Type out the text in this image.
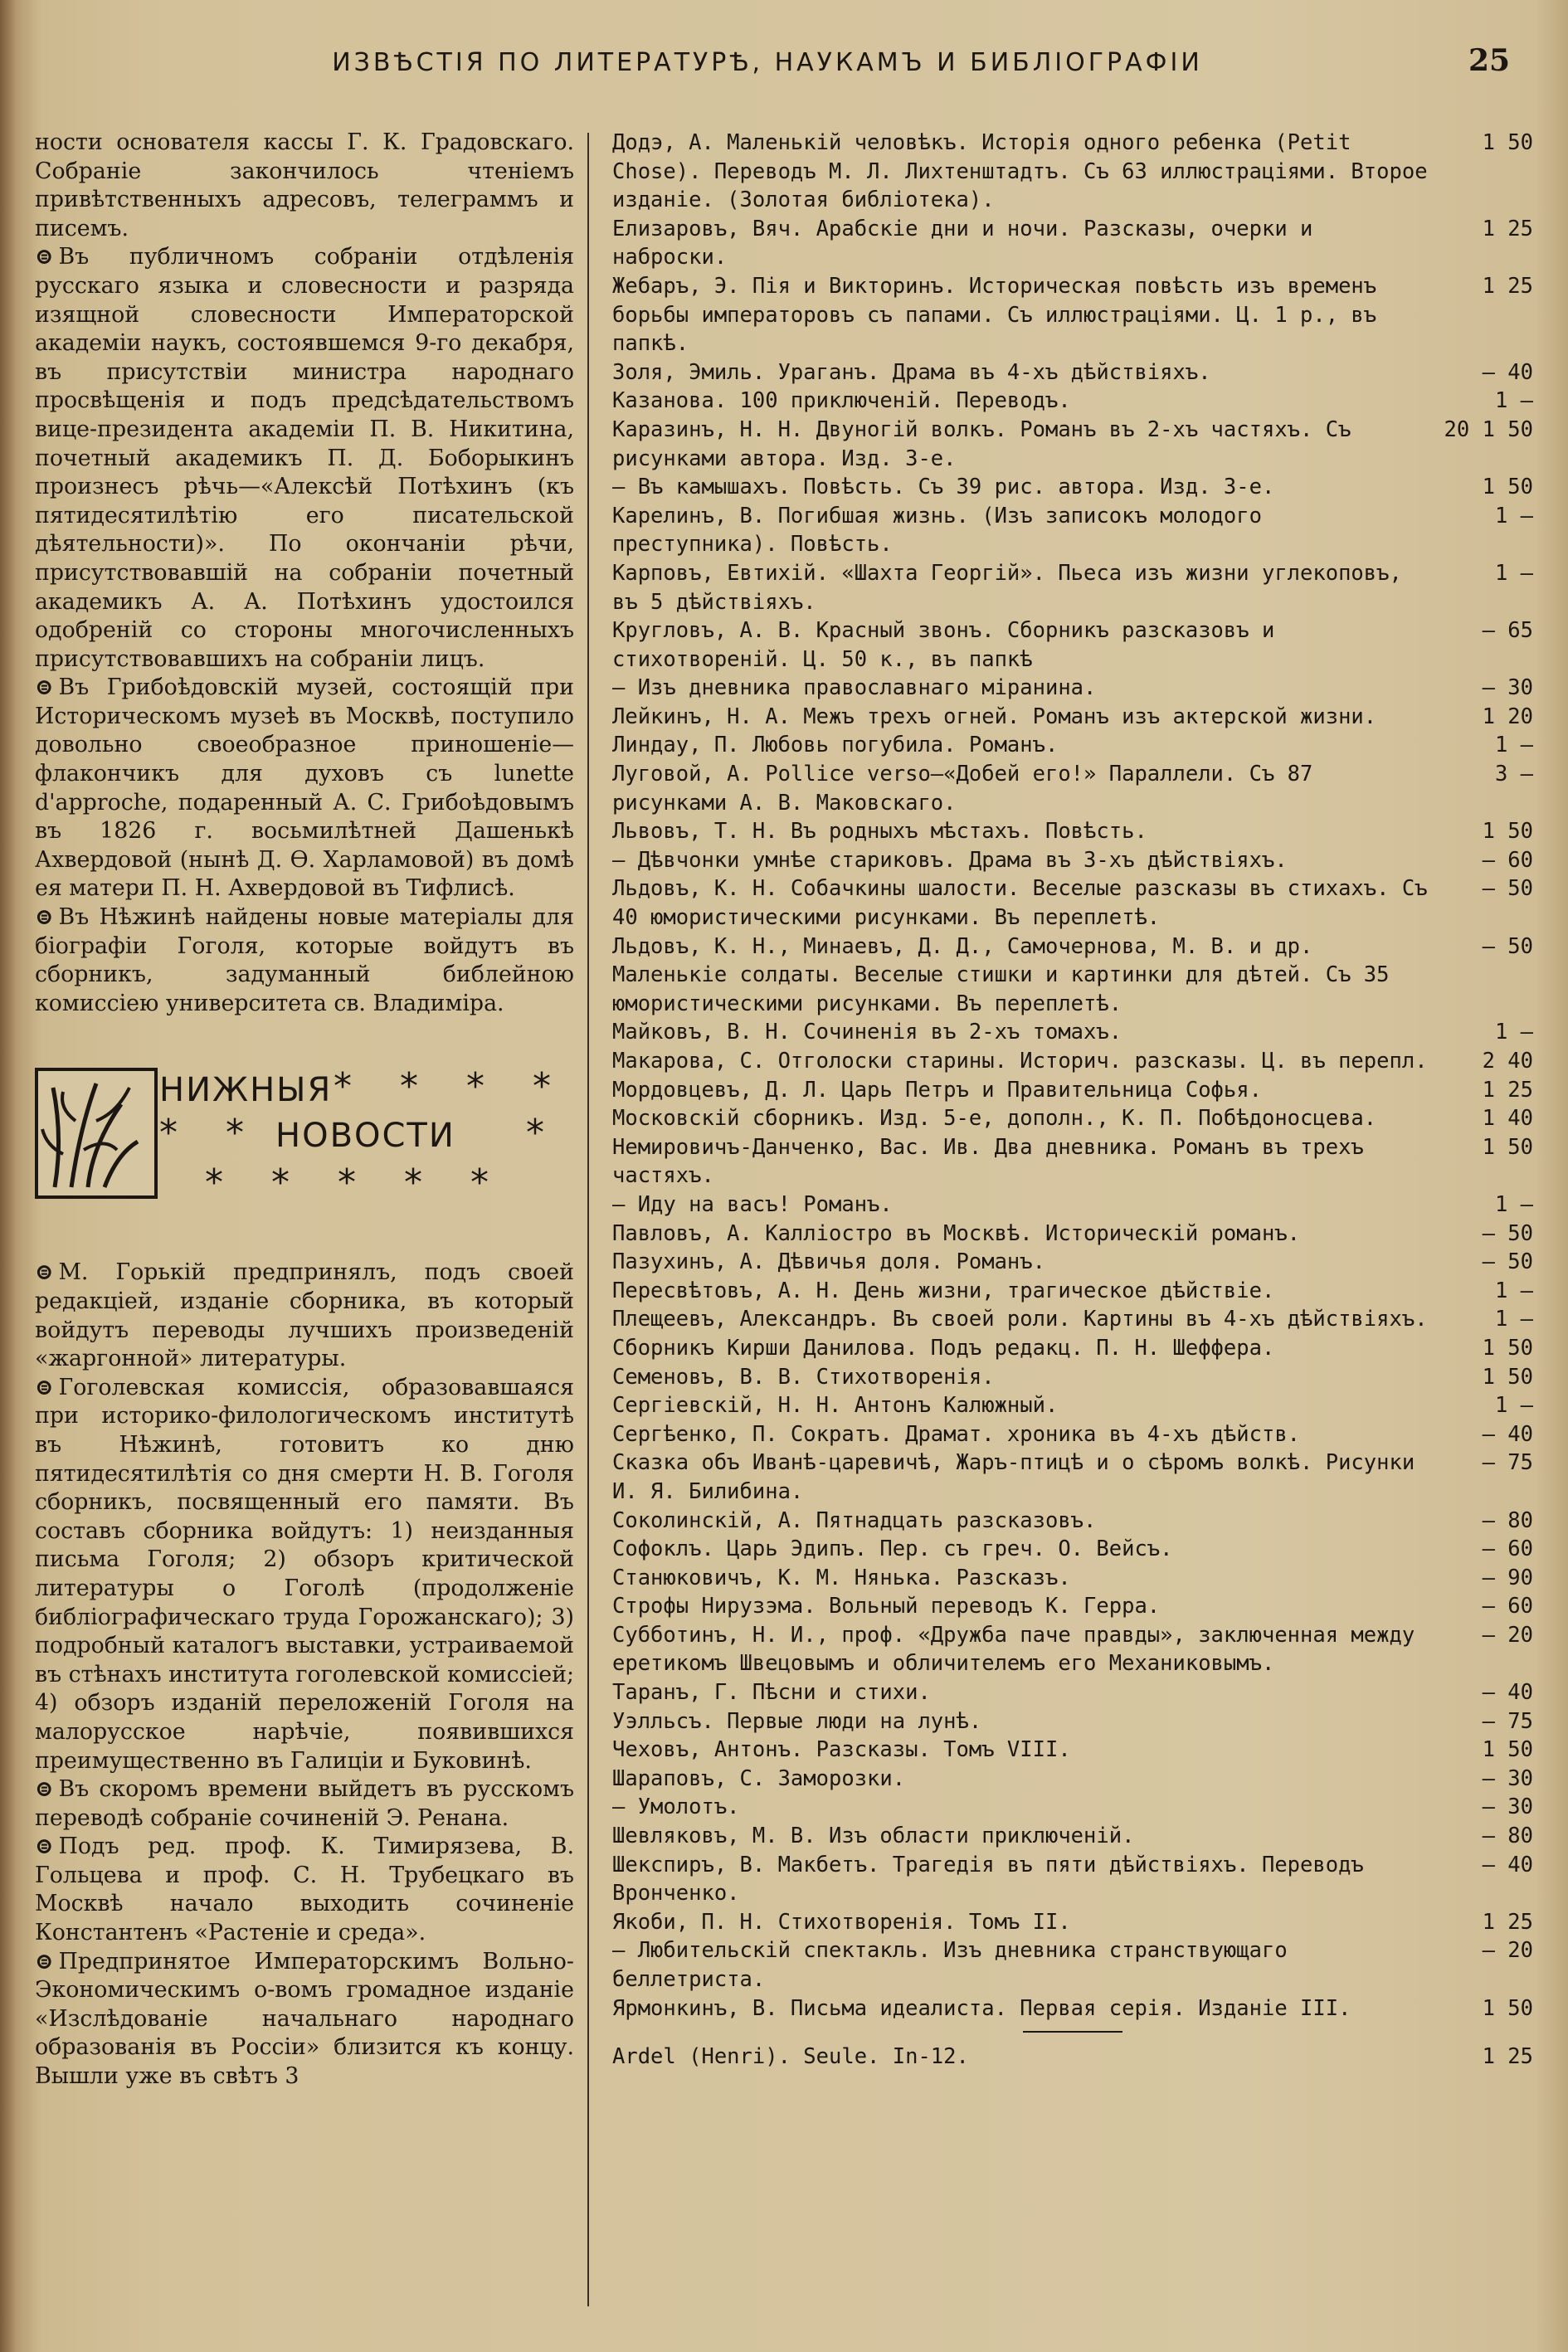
ИЗВѢСТІЯ ПО ЛИТЕРАТУРѢ, НАУКАМЪ И БИБЛІОГРАФІИ	25
ности основателя кассы Г. К. Градовскаго. Собраніе закончилось чтеніемъ привѣтственныхъ адресовъ, телеграммъ и писемъ.
⊜ Въ публичномъ собраніи отдѣленія русскаго языка и словесности и разряда изящной словесности Императорской академіи наукъ, состоявшемся 9-го декабря, въ присутствіи министра народнаго просвѣщенія и подъ предсѣдательствомъ вице-президента академіи П. В. Никитина, почетный академикъ П. Д. Боборыкинъ произнесъ рѣчь—«Алексѣй Потѣхинъ (къ пятидесятилѣтію его писательской дѣятельности)». По окончаніи рѣчи, присутствовавшій на собраніи почетный академикъ А. А. Потѣхинъ удостоился одобреній со стороны многочисленныхъ присутствовавшихъ на собраніи лицъ.
⊜ Въ Грибоѣдовскій музей, состоящій при Историческомъ музеѣ въ Москвѣ, поступило довольно своеобразное приношеніе—флакончикъ для духовъ съ lunette d'approche, подаренный А. С. Грибоѣдовымъ въ 1826 г. восьмилѣтней Дашенькѣ Ахвердовой (нынѣ Д. Ѳ. Харламовой) въ домѣ ея матери П. Н. Ахвердовой въ Тифлисѣ.
⊜ Въ Нѣжинѣ найдены новые матеріалы для біографіи Гоголя, которые войдутъ въ сборникъ, задуманный библейною комиссіею университета св. Владиміра.
НИЖНЫЯ * * * *
* * НОВОСТИ *
* * * * *
⊜ М. Горькій предпринялъ, подъ своей редакціей, изданіе сборника, въ который войдутъ переводы лучшихъ произведеній «жаргонной» литературы.
⊜ Гоголевская комиссія, образовавшаяся при историко-филологическомъ институтѣ въ Нѣжинѣ, готовитъ ко дню пятидесятилѣтія со дня смерти Н. В. Гоголя сборникъ, посвященный его памяти. Въ составъ сборника войдутъ: 1) неизданныя письма Гоголя; 2) обзоръ критической литературы о Гоголѣ (продолженіе библіографическаго труда Горожанскаго); 3) подробный каталогъ выставки, устраиваемой въ стѣнахъ института гоголевской комиссіей; 4) обзоръ изданій переложеній Гоголя на малорусское нарѣчіе, появившихся преимущественно въ Галиціи и Буковинѣ.
⊜ Въ скоромъ времени выйдетъ въ русскомъ переводѣ собраніе сочиненій Э. Ренана.
⊜ Подъ ред. проф. К. Тимирязева, В. Гольцева и проф. С. Н. Трубецкаго въ Москвѣ начало выходить сочиненіе Константенъ «Растеніе и среда».
⊜ Предпринятое Императорскимъ Вольно-Экономическимъ о-вомъ громадное изданіе «Изслѣдованіе начальнаго народнаго образованія въ Россіи» близится къ концу. Вышли уже въ свѣтъ 3
Додэ, А. Маленькій человѣкъ. Исторія одного ребенка (Petit Chose). Переводъ М. Л. Лихтенштадтъ. Съ 63 иллюстраціями. Второе изданіе. (Золотая библіотека).
1 50
Елизаровъ, Вяч. Арабскіе дни и ночи. Разсказы, очерки и наброски.
1 25
Жебаръ, Э. Пія и Викторинъ. Историческая повѣсть изъ временъ борьбы императоровъ съ папами. Съ иллюстраціями. Ц. 1 р., въ папкѣ.
1 25
Золя, Эмиль. Ураганъ. Драма въ 4-хъ дѣйствіяхъ.	— 40
Казанова. 100 приключеній. Переводъ.	1 —
Каразинъ, Н. Н. Двуногій волкъ. Романъ въ 2-хъ частяхъ. Съ рисунками автора. Изд. 3-е.
20 1 50
— Въ камышахъ. Повѣсть. Съ 39 рис. автора. Изд. 3-е.	1 50
Карелинъ, В. Погибшая жизнь. (Изъ записокъ молодого преступника). Повѣсть.
1 —
Карповъ, Евтихій. «Шахта Георгій». Пьеса изъ жизни углекоповъ, въ 5 дѣйствіяхъ.
1 —
Кругловъ, А. В. Красный звонъ. Сборникъ разсказовъ и стихотвореній. Ц. 50 к., въ папкѣ
— 65
— Изъ дневника православнаго міранина.	— 30
Лейкинъ, Н. А. Межъ трехъ огней. Романъ изъ актерской жизни.	1 20
Линдау, П. Любовь погубила. Романъ.	1 —
Луговой, А. Pollice verso—«Добей его!» Параллели. Съ 87 рисунками А. В. Маковскаго.
3 —
Львовъ, Т. Н. Въ родныхъ мѣстахъ. Повѣсть.	1 50
— Дѣвчонки умнѣе стариковъ. Драма въ 3-хъ дѣйствіяхъ.	— 60
Льдовъ, К. Н. Собачкины шалости. Веселые разсказы въ стихахъ. Съ 40 юмористическими рисунками. Въ переплетѣ.
— 50
Льдовъ, К. Н., Минаевъ, Д. Д., Самочернова, М. В. и др. Маленькіе солдаты. Веселые стишки и картинки для дѣтей. Съ 35 юмористическими рисунками. Въ переплетѣ.
— 50
Майковъ, В. Н. Сочиненія въ 2-хъ томахъ.	1 —
Макарова, С. Отголоски старины. Историч. разсказы. Ц. въ перепл.	2 40
Мордовцевъ, Д. Л. Царь Петръ и Правительница Софья.	1 25
Московскій сборникъ. Изд. 5-е, дополн., К. П. Побѣдоносцева.	1 40
Немировичъ-Данченко, Вас. Ив. Два дневника. Романъ въ трехъ частяхъ.
1 50
— Иду на васъ! Романъ.	1 —
Павловъ, А. Калліостро въ Москвѣ. Историческій романъ.	— 50
Пазухинъ, А. Дѣвичья доля. Романъ.	— 50
Пересвѣтовъ, А. Н. День жизни, трагическое дѣйствіе.	1 —
Плещеевъ, Александръ. Въ своей роли. Картины въ 4-хъ дѣйствіяхъ.	1 —
Сборникъ Кирши Данилова. Подъ редакц. П. Н. Шеффера.	1 50
Семеновъ, В. В. Стихотворенія.	1 50
Сергіевскій, Н. Н. Антонъ Калюжный.	1 —
Сергѣенко, П. Сократъ. Драмат. хроника въ 4-хъ дѣйств.	— 40
Сказка объ Иванѣ-царевичѣ, Жаръ-птицѣ и о сѣромъ волкѣ. Рисунки И. Я. Билибина.
— 75
Соколинскій, А. Пятнадцать разсказовъ.	— 80
Софоклъ. Царь Эдипъ. Пер. съ греч. О. Вейсъ.	— 60
Станюковичъ, К. М. Нянька. Разсказъ.	— 90
Строфы Нирузэма. Вольный переводъ К. Герра.	— 60
Субботинъ, Н. И., проф. «Дружба паче правды», заключенная между еретикомъ Швецовымъ и обличителемъ его Механиковымъ.
— 20
Таранъ, Г. Пѣсни и стихи.	— 40
Уэлльсъ. Первые люди на лунѣ.	— 75
Чеховъ, Антонъ. Разсказы. Томъ VIII.	1 50
Шараповъ, С. Заморозки.	— 30
— Умолотъ.	— 30
Шевляковъ, М. В. Изъ области приключеній.	— 80
Шекспиръ, В. Макбетъ. Трагедія въ пяти дѣйствіяхъ. Переводъ Вронченко.
— 40
Якоби, П. Н. Стихотворенія. Томъ II.	1 25
— Любительскій спектакль. Изъ дневника странствующаго беллетриста.
— 20
Ярмонкинъ, В. Письма идеалиста. Первая серія. Изданіе III.	1 50
Ardel (Henri). Seule. In-12.	1 25
